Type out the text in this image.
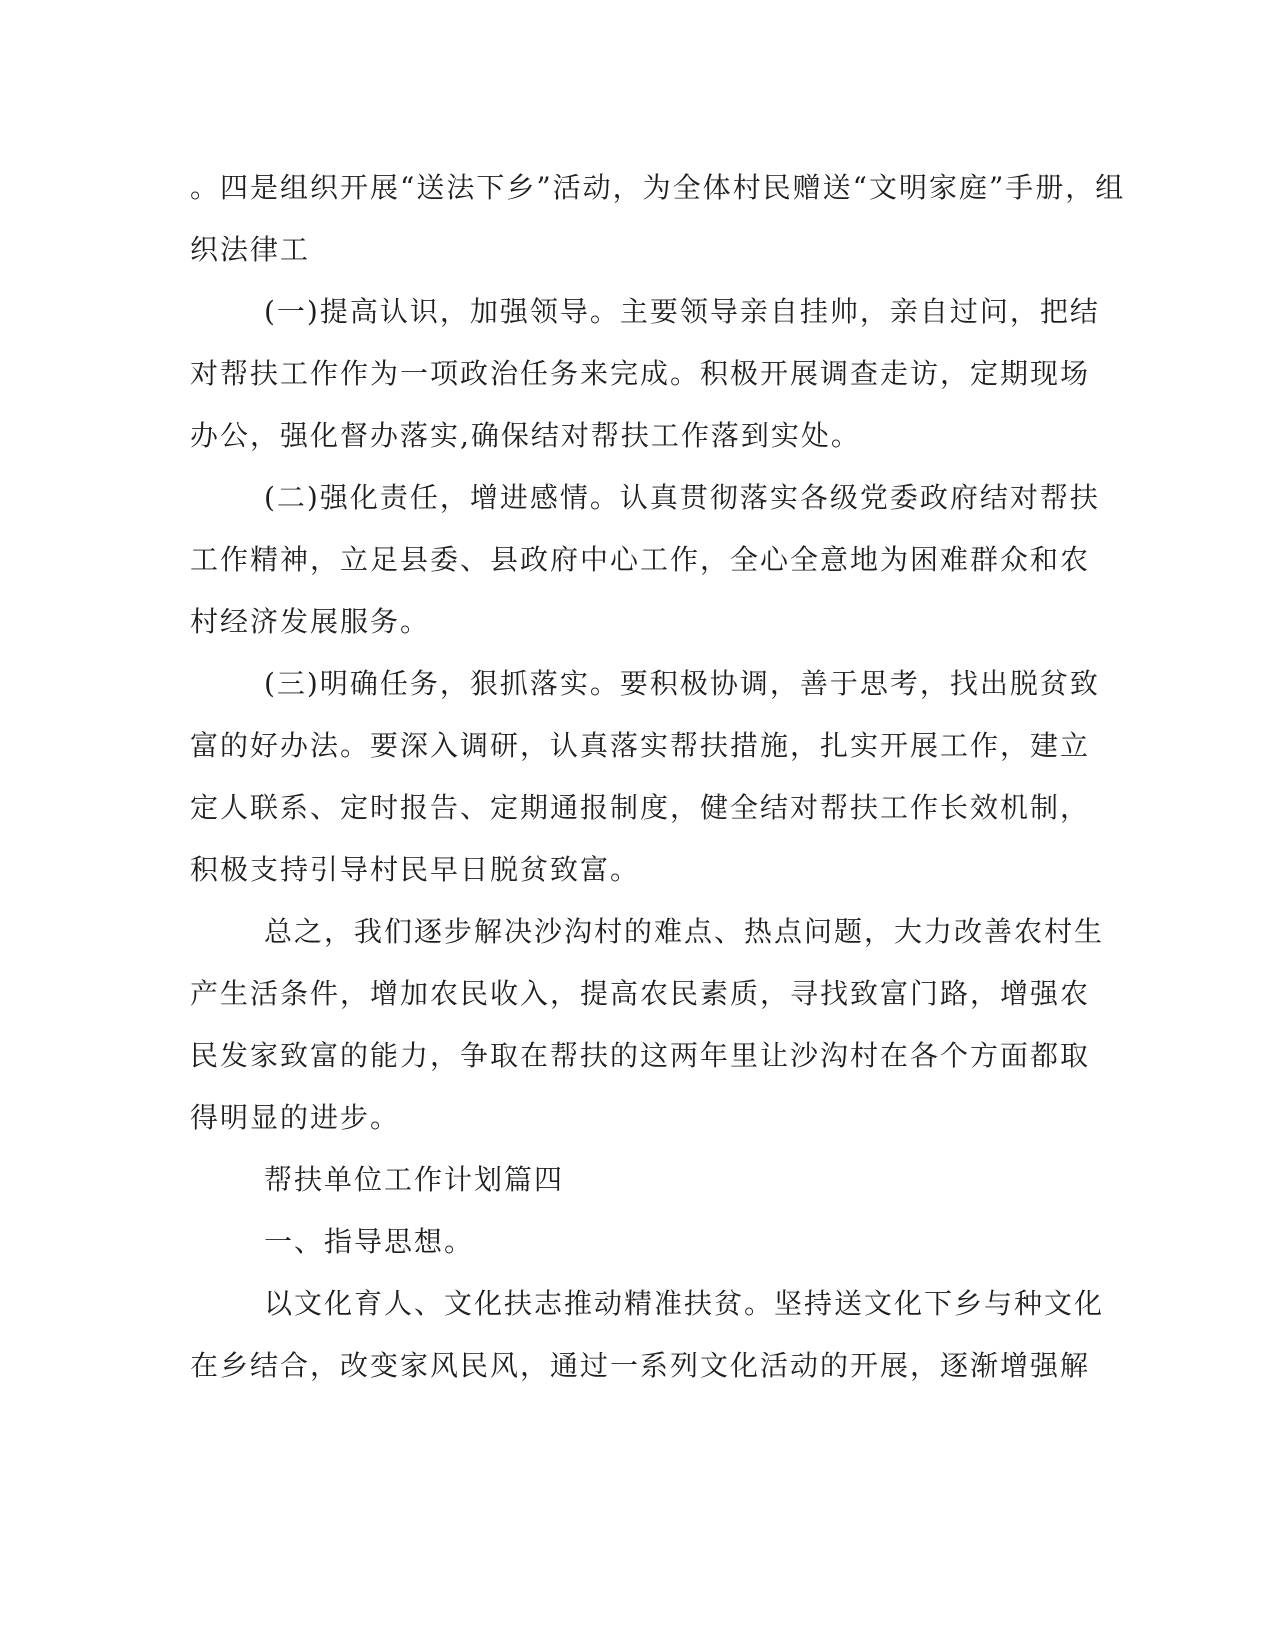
。四是组织开展“送法下乡”活动，为全体村民赠送“文明家庭”手册，组
织法律工
(一)提高认识，加强领导。主要领导亲自挂帅，亲自过问，把结
对帮扶工作作为一项政治任务来完成。积极开展调查走访，定期现场
办公，强化督办落实,确保结对帮扶工作落到实处。
(二)强化责任，增进感情。认真贯彻落实各级党委政府结对帮扶
工作精神，立足县委、县政府中心工作，全心全意地为困难群众和农
村经济发展服务。
(三)明确任务，狠抓落实。要积极协调，善于思考，找出脱贫致
富的好办法。要深入调研，认真落实帮扶措施，扎实开展工作，建立
定人联系、定时报告、定期通报制度，健全结对帮扶工作长效机制，
积极支持引导村民早日脱贫致富。
总之，我们逐步解决沙沟村的难点、热点问题，大力改善农村生
产生活条件，增加农民收入，提高农民素质，寻找致富门路，增强农
民发家致富的能力，争取在帮扶的这两年里让沙沟村在各个方面都取
得明显的进步。
帮扶单位工作计划篇四
一、指导思想。
以文化育人、文化扶志推动精准扶贫。坚持送文化下乡与种文化
在乡结合，改变家风民风，通过一系列文化活动的开展，逐渐增强解
